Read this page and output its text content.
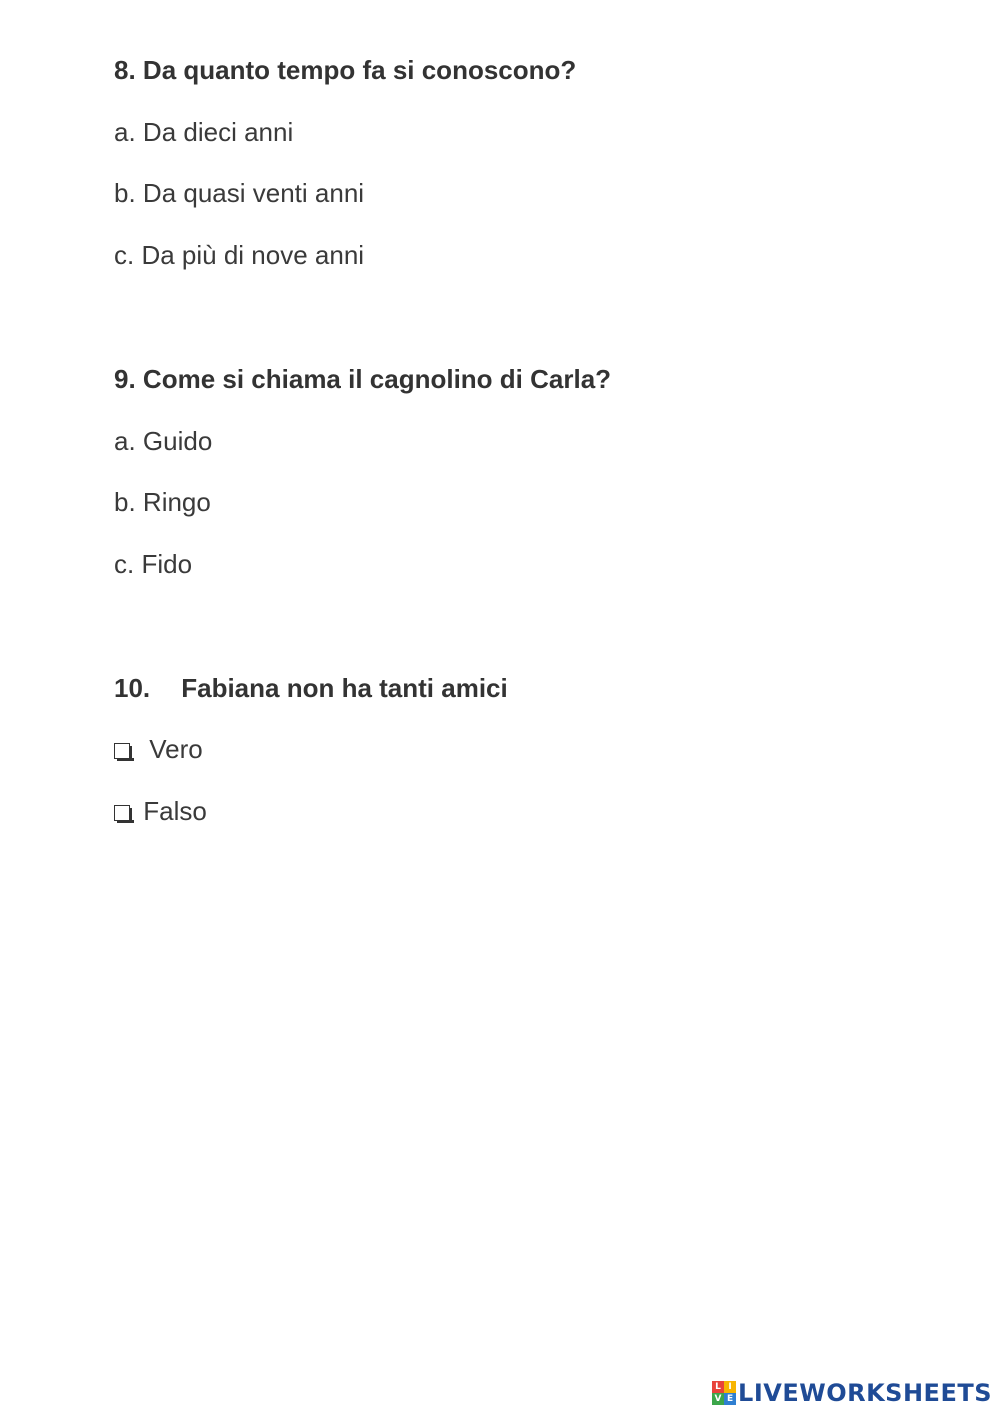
8. Da quanto tempo fa si conoscono?
a. Da dieci anni
b. Da quasi venti anni
c. Da più di nove anni
9. Come si chiama il cagnolino di Carla?
a. Guido
b. Ringo
c. Fido
10. Fabiana non ha tanti amici
Vero
Falso
L I
V E LIVEWORKSHEETS
